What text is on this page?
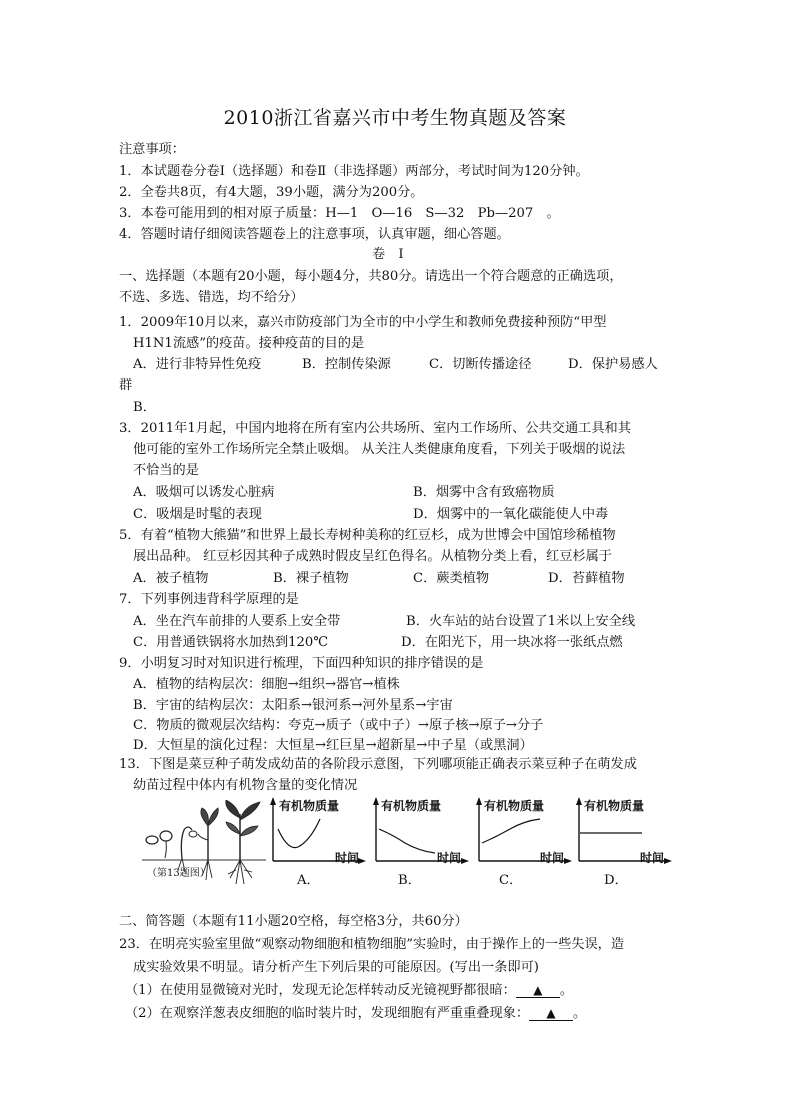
2010浙江省嘉兴市中考生物真题及答案
注意事项：
1．本试题卷分卷Ⅰ（选择题）和卷Ⅱ（非选择题）两部分，考试时间为120分钟。
2．全卷共8页，有4大题，39小题，满分为200分。
3．本卷可能用到的相对原子质量：H—1　O—16　S—32　Pb—207　。
4．答题时请仔细阅读答题卷上的注意事项，认真审题，细心答题。
卷　Ⅰ
一、选择题（本题有20小题，每小题4分，共80分。请选出一个符合题意的正确选项，
不选、多选、错选，均不给分）
1．2009年10月以来，嘉兴市防疫部门为全市的中小学生和教师免费接种预防“甲型
H1N1流感”的疫苗。接种疫苗的目的是
A．进行非特异性免疫	B．控制传染源	C．切断传播途径	D．保护易感人
群
B．
3．2011年1月起，中国内地将在所有室内公共场所、室内工作场所、公共交通工具和其
他可能的室外工作场所完全禁止吸烟。 从关注人类健康角度看，下列关于吸烟的说法
不恰当的是
A．吸烟可以诱发心脏病	B．烟雾中含有致癌物质
C．吸烟是时髦的表现	D．烟雾中的一氧化碳能使人中毒
5．有着“植物大熊猫”和世界上最长寿树种美称的红豆杉，成为世博会中国馆珍稀植物
展出品种。 红豆杉因其种子成熟时假皮呈红色得名。从植物分类上看，红豆杉属于
A．被子植物	B．裸子植物	C．蕨类植物	D．苔藓植物
7．下列事例违背科学原理的是
A．坐在汽车前排的人要系上安全带	B．火车站的站台设置了1米以上安全线
C．用普通铁锅将水加热到120℃	D．在阳光下，用一块冰将一张纸点燃
9．小明复习时对知识进行梳理，下面四种知识的排序错误的是
A．植物的结构层次：细胞→组织→器官→植株
B．宇宙的结构层次：太阳系→银河系→河外星系→宇宙
C．物质的微观层次结构：夸克→质子（或中子）→原子核→原子→分子
D．大恒星的演化过程：大恒星→红巨星→超新星→中子星（或黑洞）
13．下图是菜豆种子萌发成幼苗的各阶段示意图，下列哪项能正确表示菜豆种子在萌发成
幼苗过程中体内有机物含量的变化情况
（第13题图）
有机物质量
时间
A．
有机物质量
时间
B．
有机物质量
时间
C．
有机物质量
时间
D．
二、简答题（本题有11小题20空格，每空格3分，共60分）
23．在明亮实验室里做“观察动物细胞和植物细胞”实验时，由于操作上的一些失误，造
成实验效果不明显。请分析产生下列后果的可能原因。(写出一条即可)
（1）在使用显微镜对光时，发现无论怎样转动反光镜视野都很暗： ▲ 。
（2）在观察洋葱表皮细胞的临时装片时，发现细胞有严重重叠现象： ▲ 。
